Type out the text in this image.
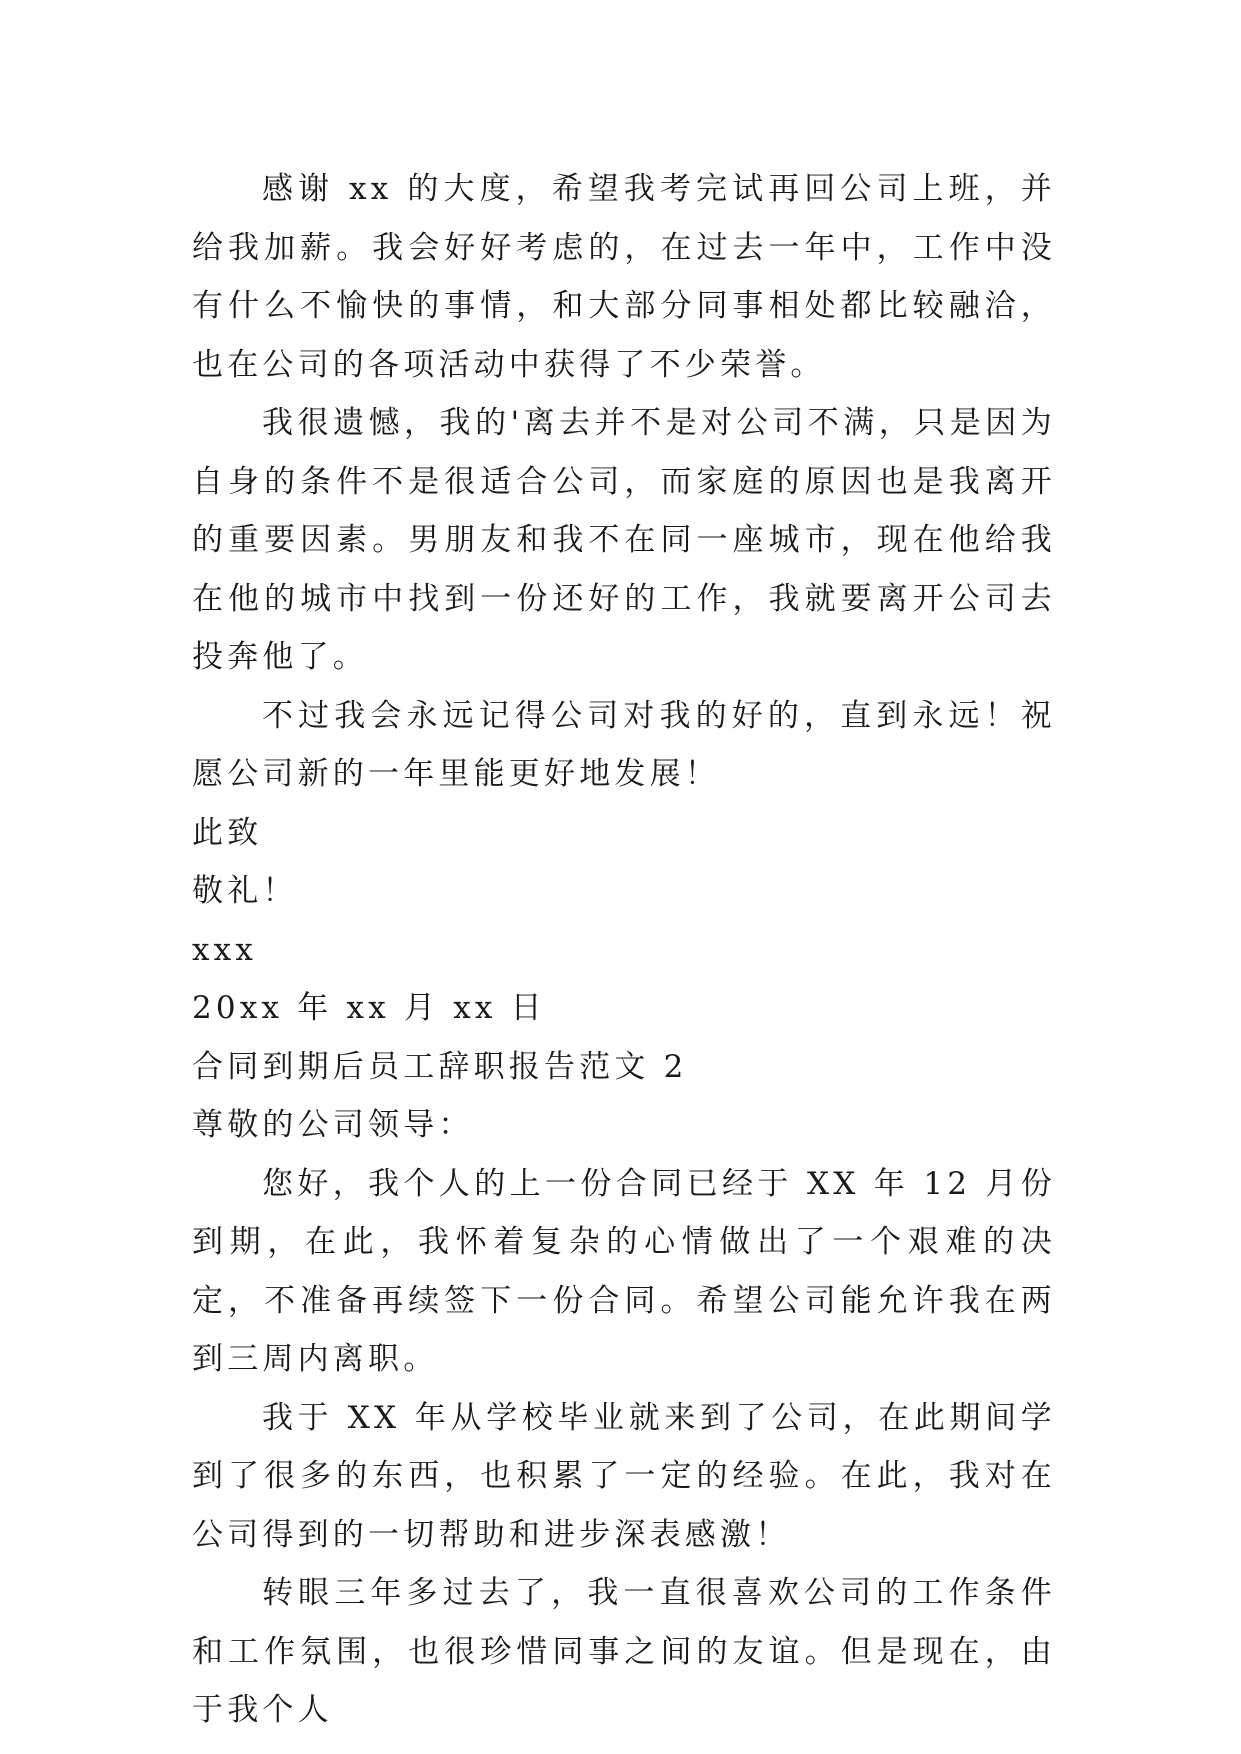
感谢 xx 的大度，希望我考完试再回公司上班，并给我加薪。我会好好考虑的，在过去一年中，工作中没有什么不愉快的事情，和大部分同事相处都比较融洽，也在公司的各项活动中获得了不少荣誉。

我很遗憾，我的'离去并不是对公司不满，只是因为自身的条件不是很适合公司，而家庭的原因也是我离开的重要因素。男朋友和我不在同一座城市，现在他给我在他的城市中找到一份还好的工作，我就要离开公司去投奔他了。

不过我会永远记得公司对我的好的，直到永远！祝愿公司新的一年里能更好地发展！

此致

敬礼！

xxx

20xx 年 xx 月 xx 日

合同到期后员工辞职报告范文 2

尊敬的公司领导：

您好，我个人的上一份合同已经于 XX 年 12 月份到期，在此，我怀着复杂的心情做出了一个艰难的决定，不准备再续签下一份合同。希望公司能允许我在两到三周内离职。

我于 XX 年从学校毕业就来到了公司，在此期间学到了很多的东西，也积累了一定的经验。在此，我对在公司得到的一切帮助和进步深表感激！

转眼三年多过去了，我一直很喜欢公司的工作条件和工作氛围，也很珍惜同事之间的友谊。但是现在，由于我个人
